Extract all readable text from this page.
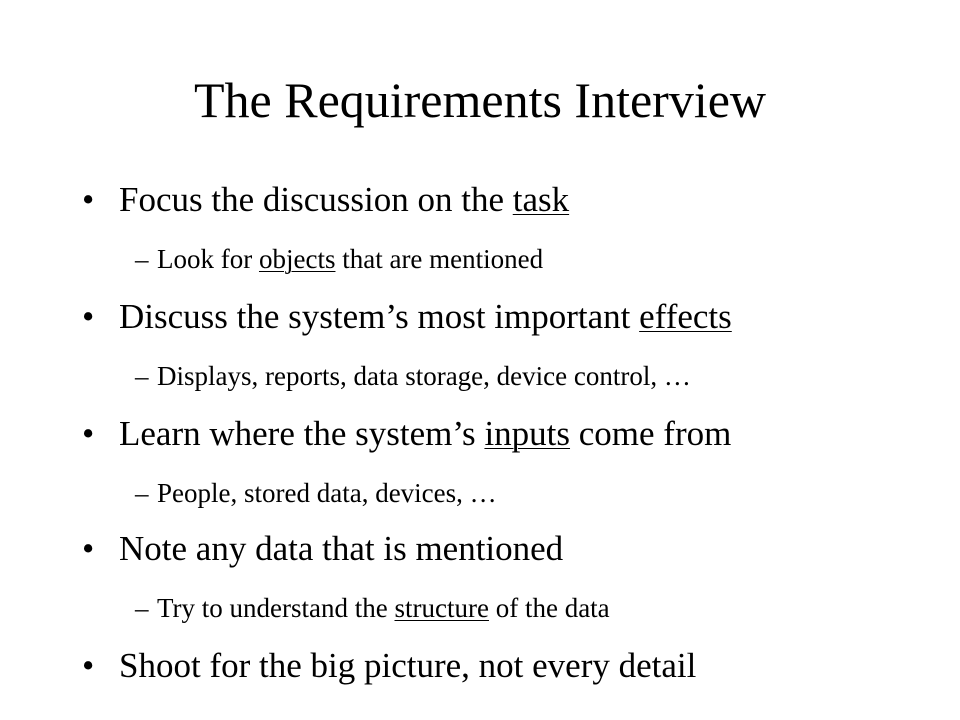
The Requirements Interview
• Focus the discussion on the task
– Look for objects that are mentioned
• Discuss the system’s most important effects
– Displays, reports, data storage, device control, …
• Learn where the system’s inputs come from
– People, stored data, devices, …
• Note any data that is mentioned
– Try to understand the structure of the data
• Shoot for the big picture, not every detail
